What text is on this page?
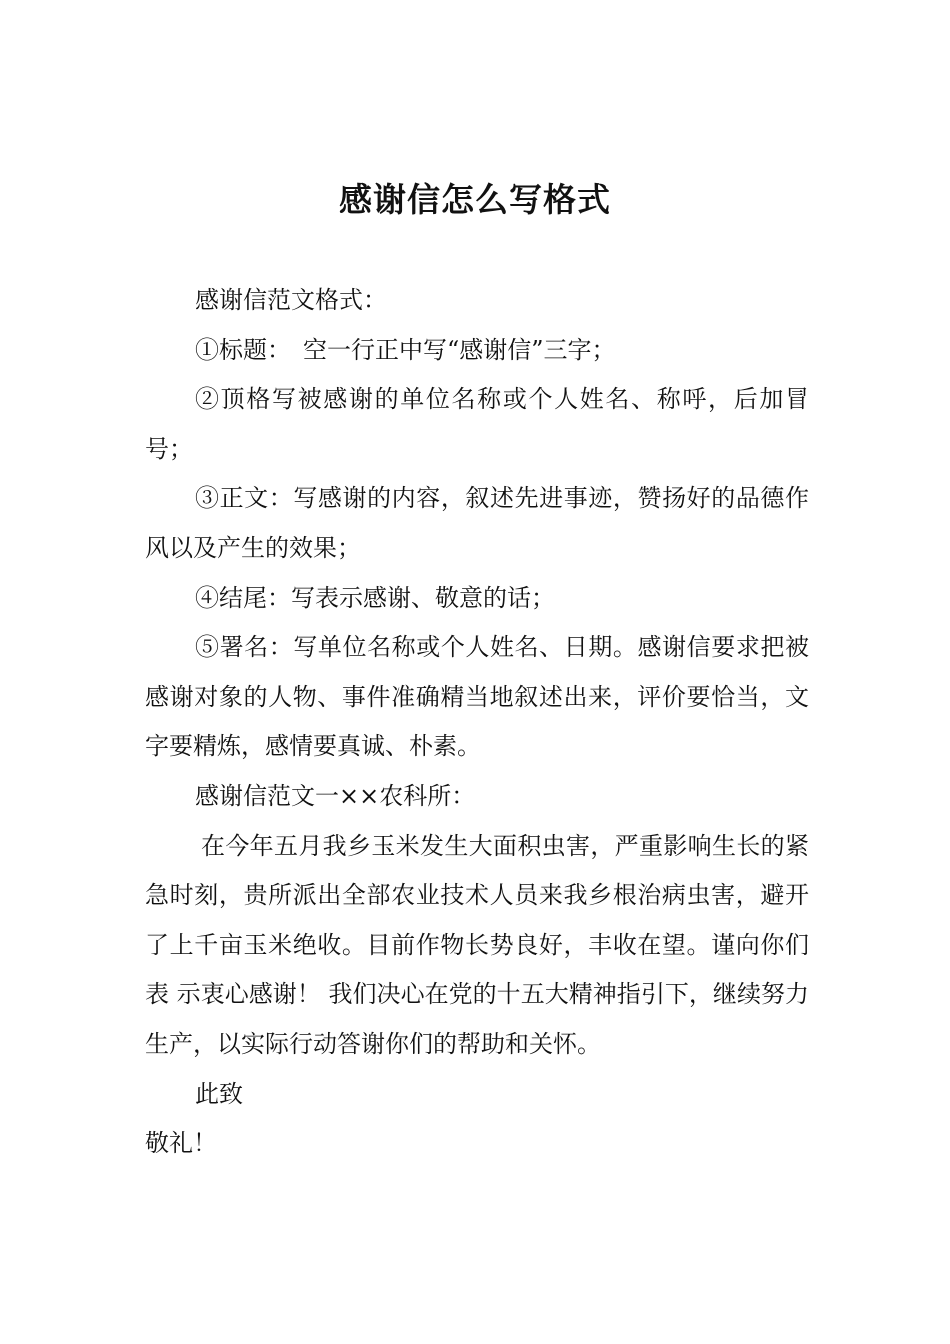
感谢信怎么写格式

感谢信范文格式：

①标题：　空一行正中写“感谢信”三字；

②顶格写被感谢的单位名称或个人姓名、称呼，后加冒号；

③正文：写感谢的内容，叙述先进事迹，赞扬好的品德作风以及产生的效果；

④结尾：写表示感谢、敬意的话；

⑤署名：写单位名称或个人姓名、日期。感谢信要求把被感谢对象的人物、事件准确精当地叙述出来，评价要恰当，文字要精炼，感情要真诚、朴素。

感谢信范文一××农科所：

在今年五月我乡玉米发生大面积虫害，严重影响生长的紧急时刻，贵所派出全部农业技术人员来我乡根治病虫害，避开了上千亩玉米绝收。目前作物长势良好，丰收在望。谨向你们表 示衷心感谢！ 我们决心在党的十五大精神指引下，继续努力生产，以实际行动答谢你们的帮助和关怀。

此致

敬礼！
